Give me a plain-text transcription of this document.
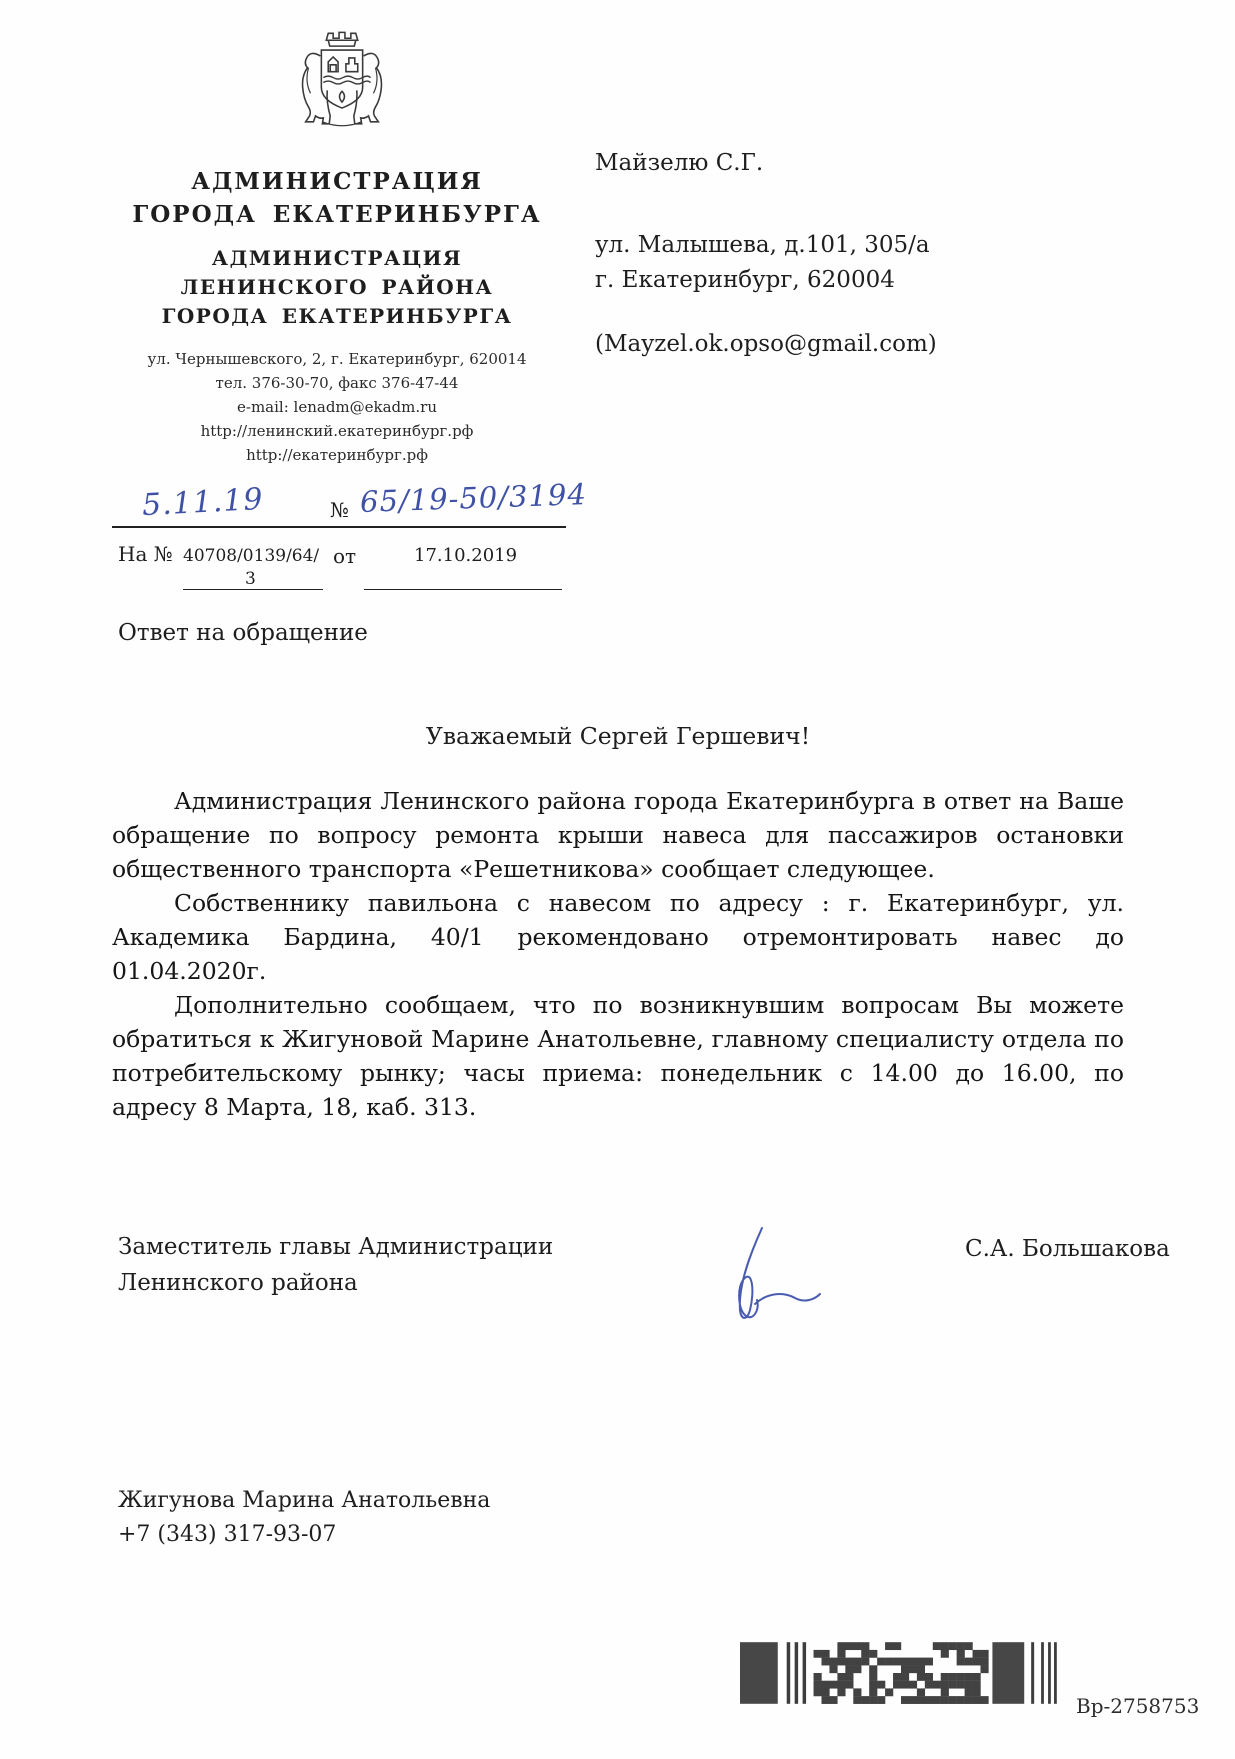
АДМИНИСТРАЦИЯ
ГОРОДА ЕКАТЕРИНБУРГА
АДМИНИСТРАЦИЯ
ЛЕНИНСКОГО РАЙОНА
ГОРОДА ЕКАТЕРИНБУРГА
ул. Чернышевского, 2, г. Екатеринбург, 620014
тел. 376-30-70, факс 376-47-44
e-mail: lenadm@ekadm.ru
http://ленинский.екатеринбург.рф
http://екатеринбург.рф
Майзелю С.Г.
ул. Малышева, д.101, 305/а
г. Екатеринбург, 620004
(Mayzel.ok.opso@gmail.com)
5.11.19	№ 65/19-50/3194
На № 40708/0139/64/
3
от	17.10.2019
Ответ на обращение
Уважаемый Сергей Гершевич!

Администрация Ленинского района города Екатеринбурга в ответ на Ваше обращение по вопросу ремонта крыши навеса для пассажиров остановки общественного транспорта «Решетникова» сообщает следующее.

Собственнику павильона с навесом по адресу : г. Екатеринбург, ул. Академика Бардина, 40/1 рекомендовано отремонтировать навес до 01.04.2020г.

Дополнительно сообщаем, что по возникнувшим вопросам Вы можете обратиться к Жигуновой Марине Анатольевне, главному специалисту отдела по потребительскому рынку; часы приема: понедельник с 14.00 до 16.00, по адресу 8 Марта, 18, каб. 313.

Заместитель главы Администрации
Ленинского района
С.А. Большакова
Жигунова Марина Анатольевна
+7 (343) 317-93-07
Вр-2758753
